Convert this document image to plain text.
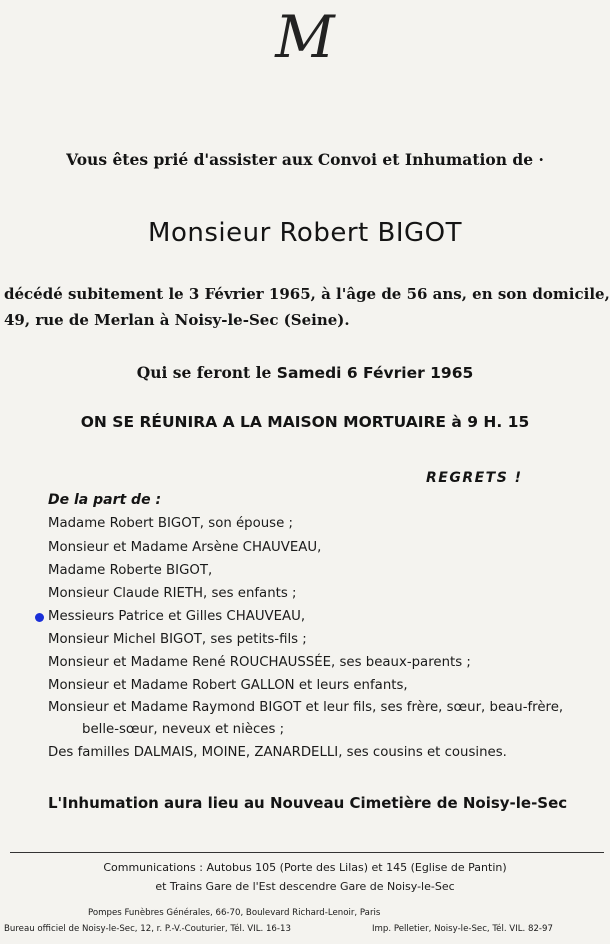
M
Vous êtes prié d'assister aux Convoi et Inhumation de ·
Monsieur Robert BIGOT
décédé subitement le 3 Février 1965, à l'âge de 56 ans, en son domicile,
49, rue de Merlan à Noisy-le-Sec (Seine).
Qui se feront le Samedi 6 Février 1965
ON SE RÉUNIRA A LA MAISON MORTUAIRE à 9 H. 15
REGRETS !
De la part de :
Madame Robert BIGOT, son épouse ;
Monsieur et Madame Arsène CHAUVEAU,
Madame Roberte BIGOT,
Monsieur Claude RIETH, ses enfants ;
Messieurs Patrice et Gilles CHAUVEAU,
Monsieur Michel BIGOT, ses petits-fils ;
Monsieur et Madame René ROUCHAUSSÉE, ses beaux-parents ;
Monsieur et Madame Robert GALLON et leurs enfants,
Monsieur et Madame Raymond BIGOT et leur fils, ses frère, sœur, beau-frère,
belle-sœur, neveux et nièces ;
Des familles DALMAIS, MOINE, ZANARDELLI, ses cousins et cousines.
L'Inhumation aura lieu au Nouveau Cimetière de Noisy-le-Sec
Communications : Autobus 105 (Porte des Lilas) et 145 (Eglise de Pantin)
et Trains Gare de l'Est descendre Gare de Noisy-le-Sec
Pompes Funèbres Générales, 66-70, Boulevard Richard-Lenoir, Paris
Bureau officiel de Noisy-le-Sec, 12, r. P.-V.-Couturier, Tél. VIL. 16-13	Imp. Pelletier, Noisy-le-Sec, Tél. VIL. 82-97
